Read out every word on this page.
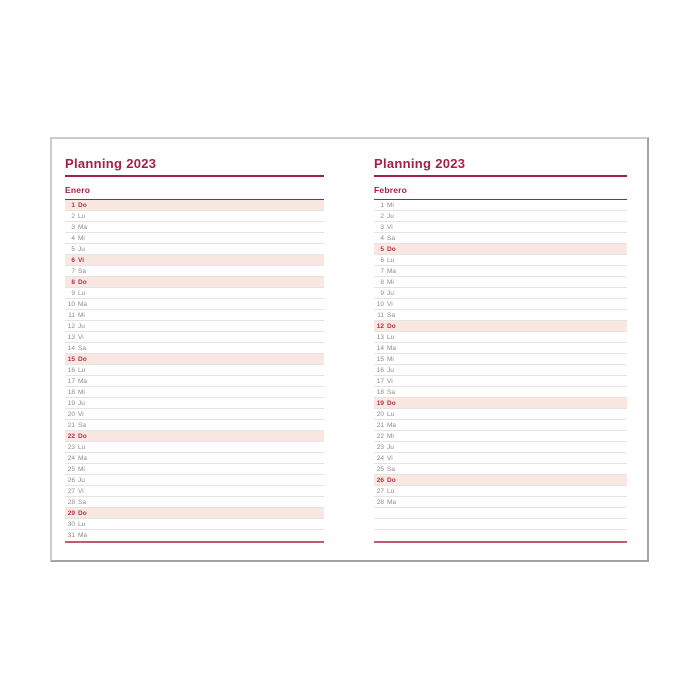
Planning 2023
Enero
1 Do
2 Lu
3 Ma
4 Mi
5 Ju
6 Vi
7 Sa
8 Do
9 Lu
10 Ma
11 Mi
12 Ju
13 Vi
14 Sa
15 Do
16 Lu
17 Ma
18 Mi
19 Ju
20 Vi
21 Sa
22 Do
23 Lu
24 Ma
25 Mi
26 Ju
27 Vi
28 Sa
29 Do
30 Lu
31 Ma
Planning 2023
Febrero
1 Mi
2 Ju
3 Vi
4 Sa
5 Do
6 Lu
7 Ma
8 Mi
9 Ju
10 Vi
11 Sa
12 Do
13 Lu
14 Ma
15 Mi
16 Ju
17 Vi
18 Sa
19 Do
20 Lu
21 Ma
22 Mi
23 Ju
24 Vi
25 Sa
26 Do
27 Lu
28 Ma
